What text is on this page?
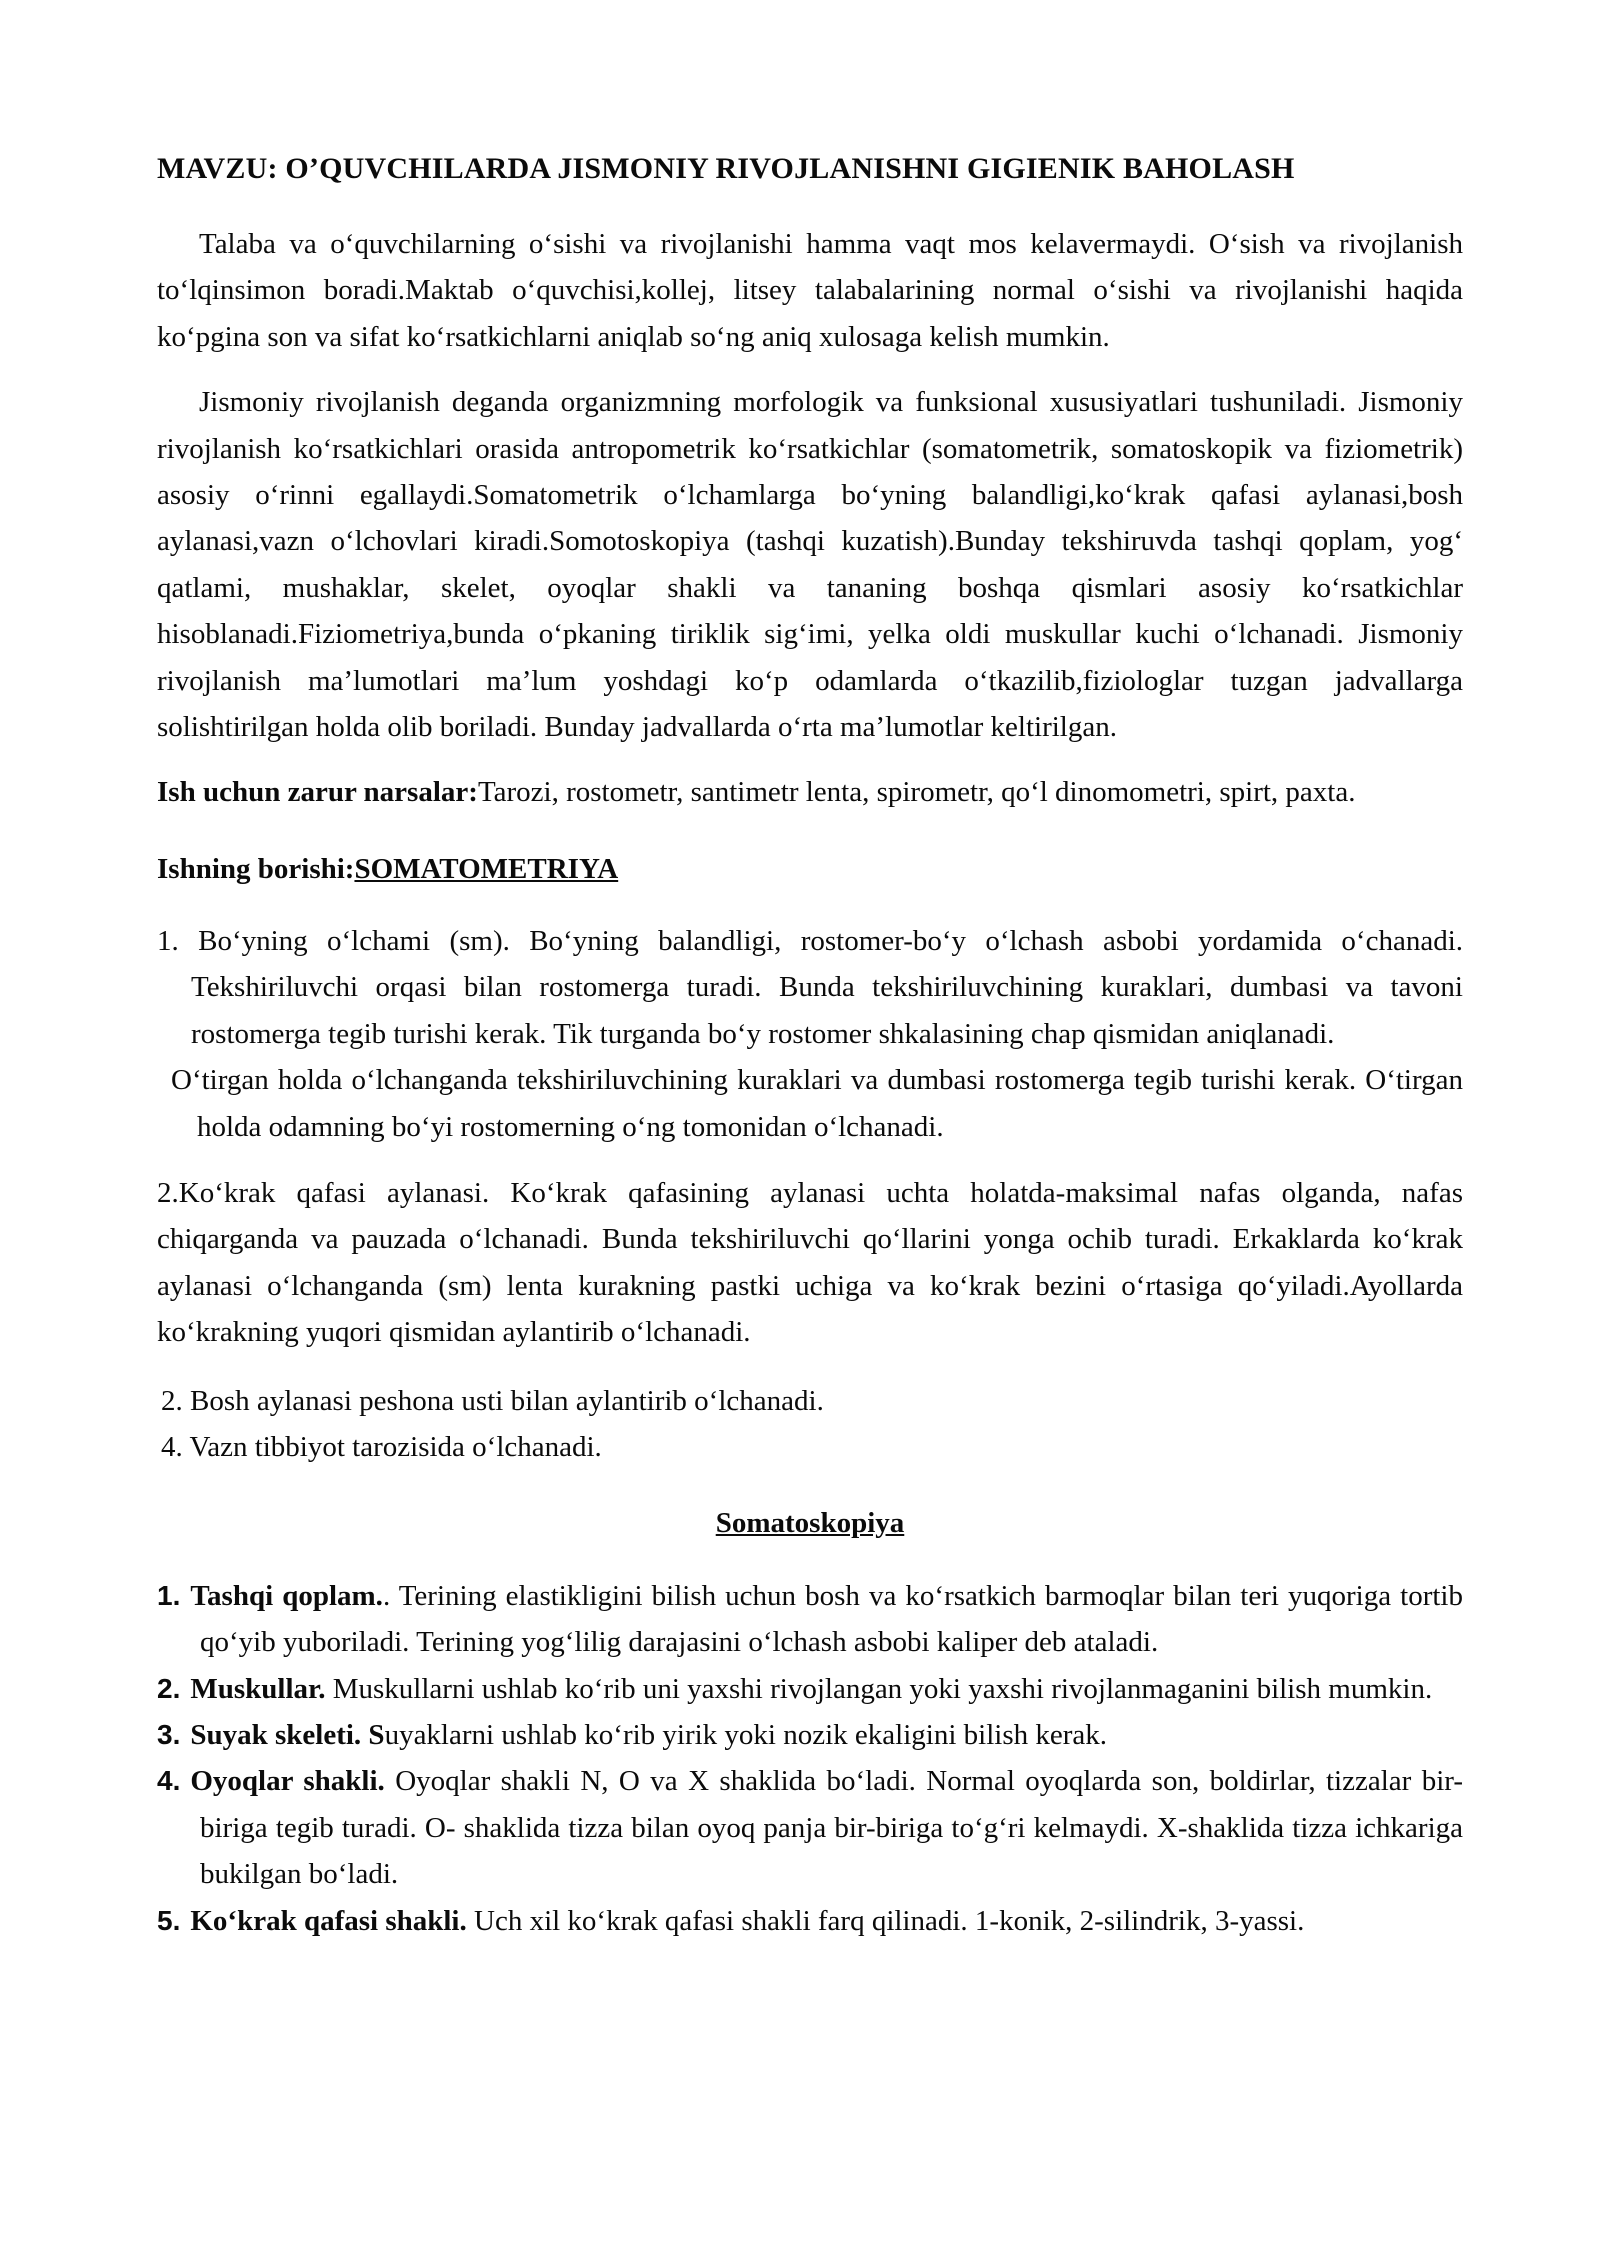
MAVZU: O’QUVCHILARDA JISMONIY RIVOJLANISHNI GIGIENIK BAHOLASH

Talaba va o‘quvchilarning o‘sishi va rivojlanishi hamma vaqt mos kelavermaydi. O‘sish va rivojlanish to‘lqinsimon boradi.Maktab o‘quvchisi,kollej, litsey talabalarining normal o‘sishi va rivojlanishi haqida ko‘pgina son va sifat ko‘rsatkichlarni aniqlab so‘ng aniq xulosaga kelish mumkin.

Jismoniy rivojlanish deganda organizmning morfologik va funksional xususiyatlari tushuniladi. Jismoniy rivojlanish ko‘rsatkichlari orasida antropometrik ko‘rsatkichlar (somatometrik, somatoskopik va fiziometrik) asosiy o‘rinni egallaydi.Somatometrik o‘lchamlarga bo‘yning balandligi,ko‘krak qafasi aylanasi,bosh aylanasi,vazn o‘lchovlari kiradi.Somotoskopiya (tashqi kuzatish).Bunday tekshiruvda tashqi qoplam, yog‘ qatlami, mushaklar, skelet, oyoqlar shakli va tananing boshqa qismlari asosiy ko‘rsatkichlar hisoblanadi.Fiziometriya,bunda o‘pkaning tiriklik sig‘imi, yelka oldi muskullar kuchi o‘lchanadi. Jismoniy rivojlanish ma’lumotlari ma’lum yoshdagi ko‘p odamlarda o‘tkazilib,fiziologlar tuzgan jadvallarga solishtirilgan holda olib boriladi. Bunday jadvallarda o‘rta ma’lumotlar keltirilgan.

Ish uchun zarur narsalar:Tarozi, rostometr, santimetr lenta, spirometr, qo‘l dinomometri, spirt, paxta.

Ishning borishi:SOMATOMETRIYA

1. Bo‘yning o‘lchami (sm). Bo‘yning balandligi, rostomer-bo‘y o‘lchash asbobi yordamida o‘chanadi. Tekshiriluvchi orqasi bilan rostomerga turadi. Bunda tekshiriluvchining kuraklari, dumbasi va tavoni rostomerga tegib turishi kerak. Tik turganda bo‘y rostomer shkalasining chap qismidan aniqlanadi.

O‘tirgan holda o‘lchanganda tekshiriluvchining kuraklari va dumbasi rostomerga tegib turishi kerak. O‘tirgan holda odamning bo‘yi rostomerning o‘ng tomonidan o‘lchanadi.

2.Ko‘krak qafasi aylanasi. Ko‘krak qafasining aylanasi uchta holatda-maksimal nafas olganda, nafas chiqarganda va pauzada o‘lchanadi. Bunda tekshiriluvchi qo‘llarini yonga ochib turadi. Erkaklarda ko‘krak aylanasi o‘lchanganda (sm) lenta kurakning pastki uchiga va ko‘krak bezini o‘rtasiga qo‘yiladi.Ayollarda ko‘krakning yuqori qismidan aylantirib o‘lchanadi.

2. Bosh aylanasi peshona usti bilan aylantirib o‘lchanadi.

4. Vazn tibbiyot tarozisida o‘lchanadi.

Somatoskopiya
1. Tashqi qoplam.. Terining elastikligini bilish uchun bosh va ko‘rsatkich barmoqlar bilan teri yuqoriga tortib qo‘yib yuboriladi. Terining yog‘lilig darajasini o‘lchash asbobi kaliper deb ataladi.
2. Muskullar. Muskullarni ushlab ko‘rib uni yaxshi rivojlangan yoki yaxshi rivojlanmaganini bilish mumkin.
3. Suyak skeleti. Suyaklarni ushlab ko‘rib yirik yoki nozik ekaligini bilish kerak.
4. Oyoqlar shakli. Oyoqlar shakli N, O va X shaklida bo‘ladi. Normal oyoqlarda son, boldirlar, tizzalar bir-biriga tegib turadi. O- shaklida tizza bilan oyoq panja bir-biriga to‘g‘ri kelmaydi. X-shaklida tizza ichkariga bukilgan bo‘ladi.
5. Ko‘krak qafasi shakli. Uch xil ko‘krak qafasi shakli farq qilinadi. 1-konik, 2-silindrik, 3-yassi.
